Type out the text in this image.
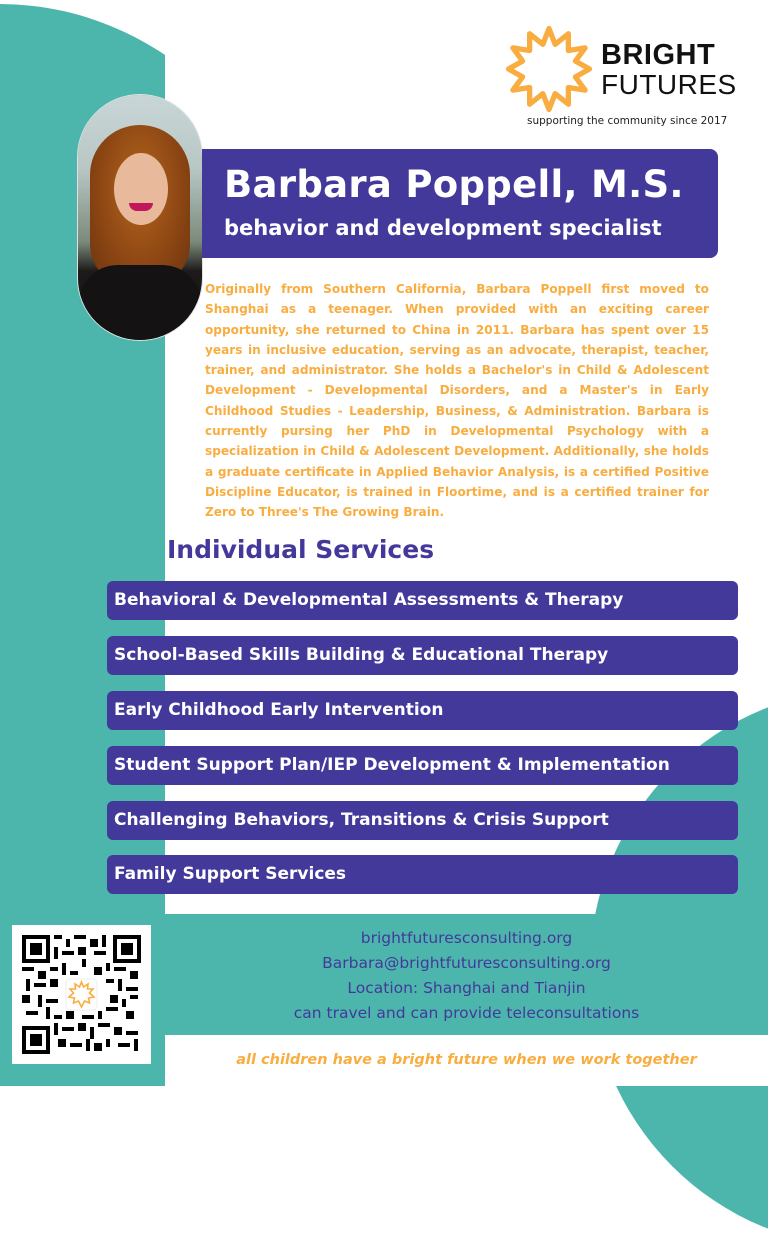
BRIGHT
FUTURES
supporting the community since 2017
Barbara Poppell, M.S.
behavior and development specialist
Originally from Southern California, Barbara Poppell first moved to Shanghai as a teenager. When provided with an exciting career opportunity, she returned to China in 2011. Barbara has spent over 15 years in inclusive education, serving as an advocate, therapist, teacher, trainer, and administrator. She holds a Bachelor's in Child & Adolescent Development - Developmental Disorders, and a Master's in Early Childhood Studies - Leadership, Business, & Administration. Barbara is currently pursing her PhD in Developmental Psychology with a specialization in Child & Adolescent Development. Additionally, she holds a graduate certificate in Applied Behavior Analysis, is a certified Positive Discipline Educator, is trained in Floortime, and is a certified trainer for Zero to Three's The Growing Brain.
Individual Services
Behavioral & Developmental Assessments & Therapy
School-Based Skills Building & Educational Therapy
Early Childhood Early Intervention
Student Support Plan/IEP Development & Implementation
Challenging Behaviors, Transitions & Crisis Support
Family Support Services
brightfuturesconsulting.org
Barbara@brightfuturesconsulting.org
Location: Shanghai and Tianjin
can travel and can provide teleconsultations
all children have a bright future when we work together
